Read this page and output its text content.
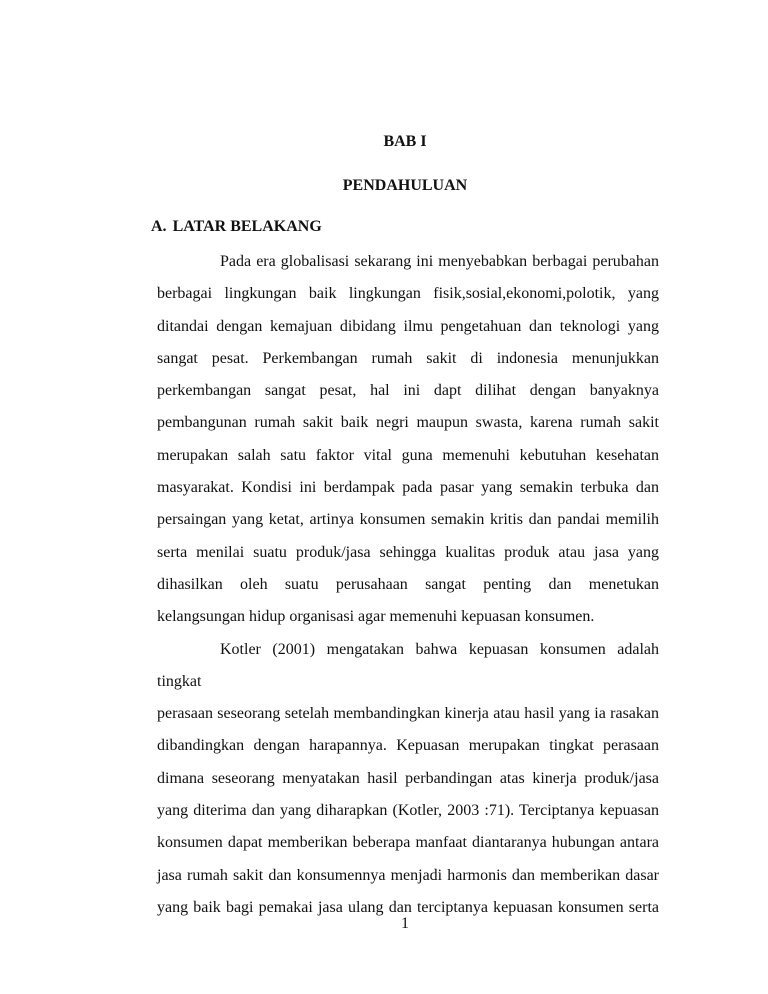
BAB I
PENDAHULUAN
A. LATAR BELAKANG
Pada era globalisasi sekarang ini menyebabkan berbagai perubahan
berbagai lingkungan baik lingkungan fisik,sosial,ekonomi,polotik, yang
ditandai dengan kemajuan dibidang ilmu pengetahuan dan teknologi yang
sangat pesat. Perkembangan rumah sakit di indonesia menunjukkan
perkembangan sangat pesat, hal ini dapt dilihat dengan banyaknya
pembangunan rumah sakit baik negri maupun swasta, karena rumah sakit
merupakan salah satu faktor vital guna memenuhi kebutuhan kesehatan
masyarakat. Kondisi ini berdampak pada pasar yang semakin terbuka dan
persaingan yang ketat, artinya konsumen semakin kritis dan pandai memilih
serta menilai suatu produk/jasa sehingga kualitas produk atau jasa yang
dihasilkan oleh suatu perusahaan sangat penting dan menetukan
kelangsungan hidup organisasi agar memenuhi kepuasan konsumen.
Kotler (2001) mengatakan bahwa kepuasan konsumen adalah tingkat
perasaan seseorang setelah membandingkan kinerja atau hasil yang ia rasakan
dibandingkan dengan harapannya. Kepuasan merupakan tingkat perasaan
dimana seseorang menyatakan hasil perbandingan atas kinerja produk/jasa
yang diterima dan yang diharapkan (Kotler, 2003 :71). Terciptanya kepuasan
konsumen dapat memberikan beberapa manfaat diantaranya hubungan antara
jasa rumah sakit dan konsumennya menjadi harmonis dan memberikan dasar
yang baik bagi pemakai jasa ulang dan terciptanya kepuasan konsumen serta
1
